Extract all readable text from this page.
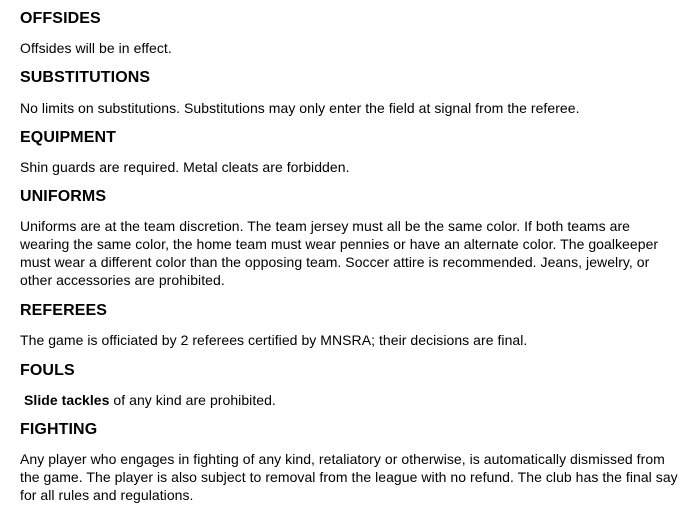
OFFSIDES

Offsides will be in effect.

SUBSTITUTIONS

No limits on substitutions. Substitutions may only enter the field at signal from the referee.

EQUIPMENT

Shin guards are required. Metal cleats are forbidden.

UNIFORMS

Uniforms are at the team discretion. The team jersey must all be the same color. If both teams are wearing the same color, the home team must wear pennies or have an alternate color. The goalkeeper must wear a different color than the opposing team. Soccer attire is recommended. Jeans, jewelry, or other accessories are prohibited.

REFEREES

The game is officiated by 2 referees certified by MNSRA; their decisions are final.

FOULS

Slide tackles of any kind are prohibited.

FIGHTING

Any player who engages in fighting of any kind, retaliatory or otherwise, is automatically dismissed from the game. The player is also subject to removal from the league with no refund. The club has the final say for all rules and regulations.
